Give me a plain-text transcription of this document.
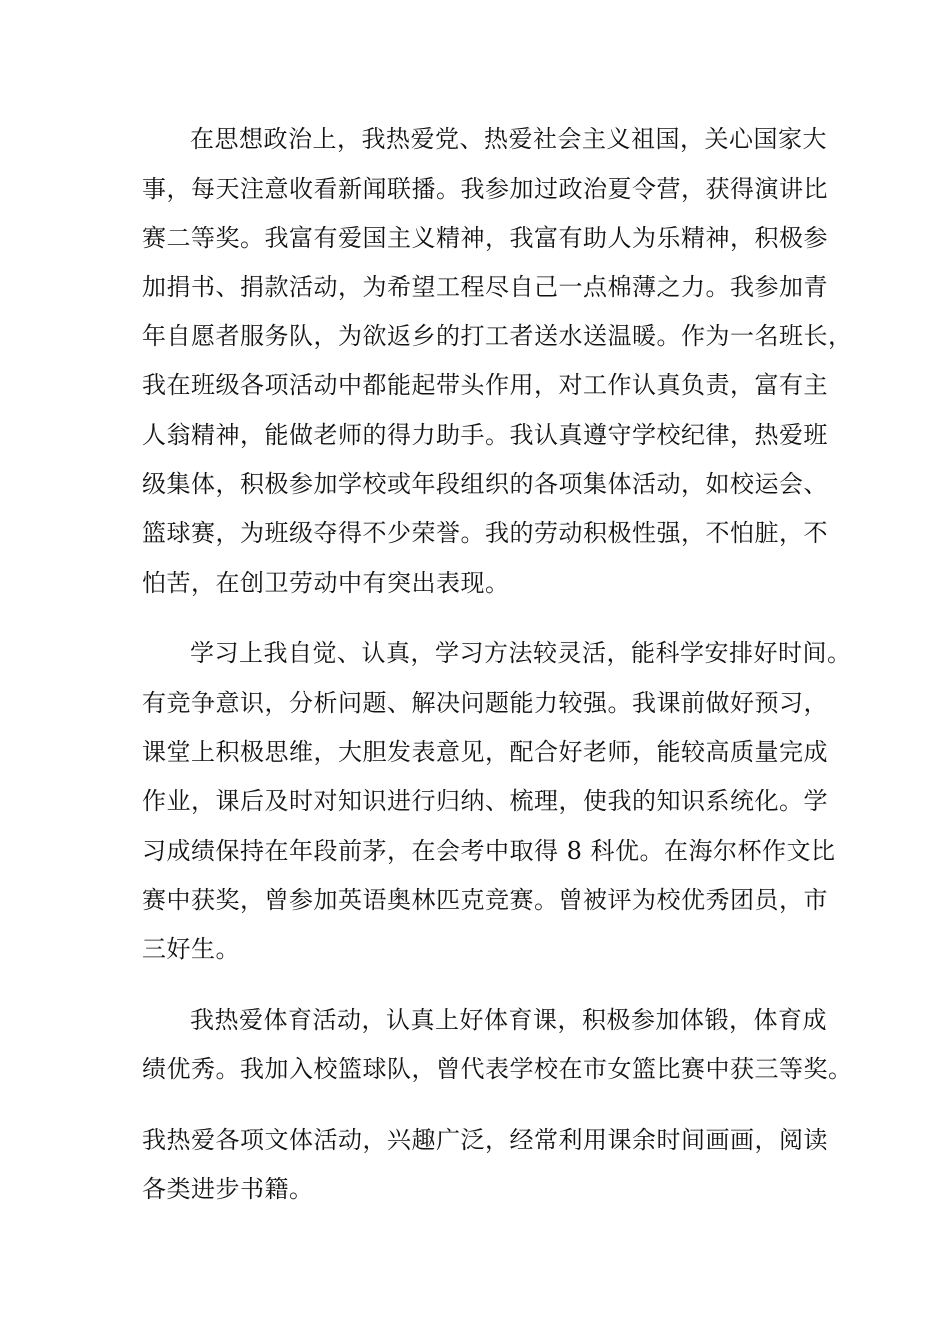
在思想政治上，我热爱党、热爱社会主义祖国，关心国家大
事，每天注意收看新闻联播。我参加过政治夏令营，获得演讲比
赛二等奖。我富有爱国主义精神，我富有助人为乐精神，积极参
加捐书、捐款活动，为希望工程尽自己一点棉薄之力。我参加青
年自愿者服务队，为欲返乡的打工者送水送温暖。作为一名班长，
我在班级各项活动中都能起带头作用，对工作认真负责，富有主
人翁精神，能做老师的得力助手。我认真遵守学校纪律，热爱班
级集体，积极参加学校或年段组织的各项集体活动，如校运会、
篮球赛，为班级夺得不少荣誉。我的劳动积极性强，不怕脏，不
怕苦，在创卫劳动中有突出表现。
学习上我自觉、认真，学习方法较灵活，能科学安排好时间。
有竞争意识，分析问题、解决问题能力较强。我课前做好预习，
课堂上积极思维，大胆发表意见，配合好老师，能较高质量完成
作业，课后及时对知识进行归纳、梳理，使我的知识系统化。学
习成绩保持在年段前茅，在会考中取得 8 科优。在海尔杯作文比
赛中获奖，曾参加英语奥林匹克竞赛。曾被评为校优秀团员，市
三好生。
我热爱体育活动，认真上好体育课，积极参加体锻，体育成
绩优秀。我加入校篮球队，曾代表学校在市女篮比赛中获三等奖。
我热爱各项文体活动，兴趣广泛，经常利用课余时间画画，阅读
各类进步书籍。
